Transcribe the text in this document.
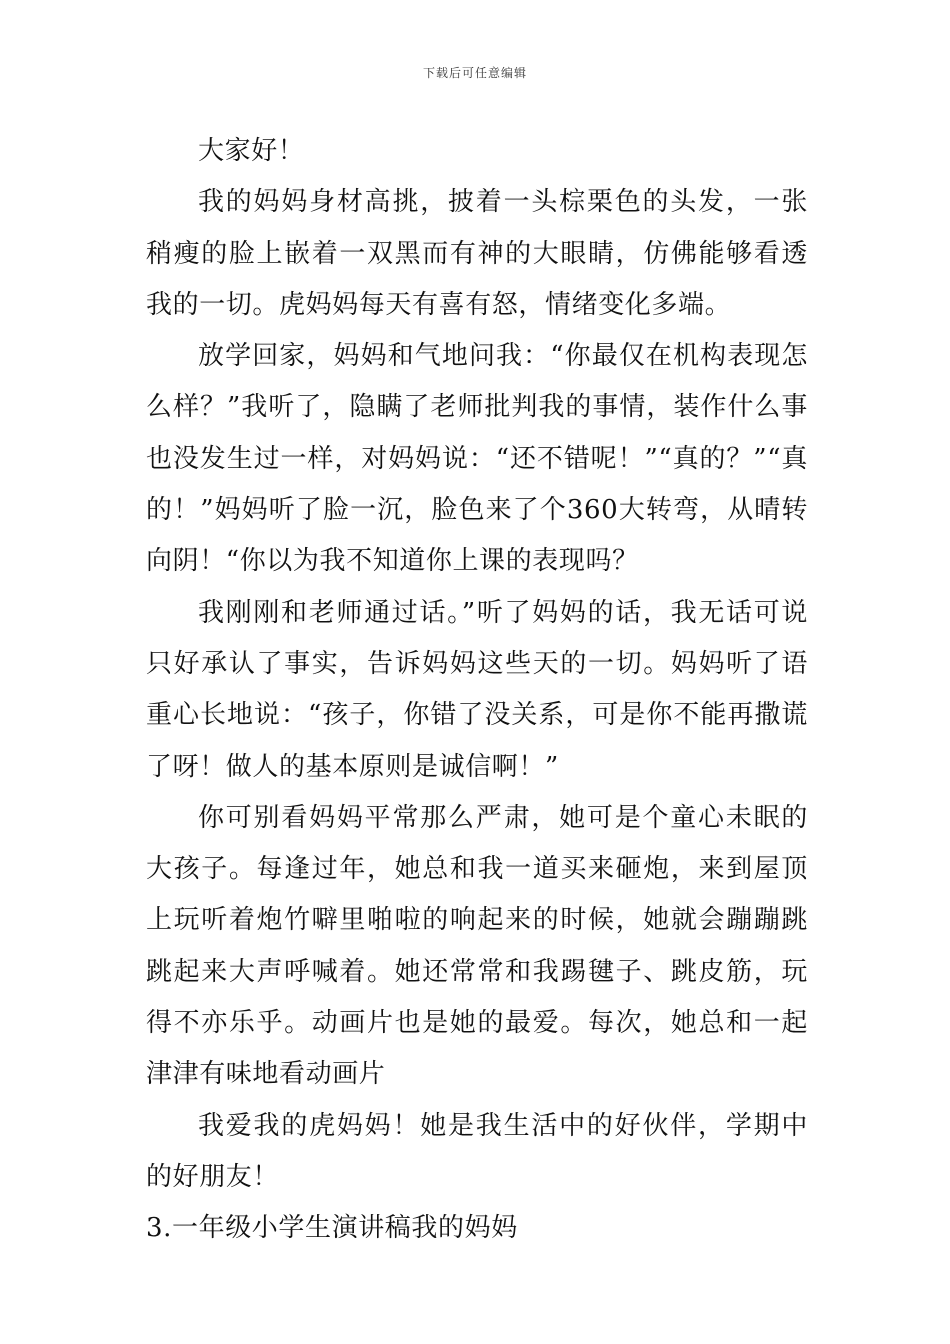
下载后可任意编辑

大家好！

我的妈妈身材高挑，披着一头棕栗色的头发，一张稍瘦的脸上嵌着一双黑而有神的大眼睛，仿佛能够看透我的一切。虎妈妈每天有喜有怒，情绪变化多端。

放学回家，妈妈和气地问我：“你最仅在机构表现怎么样？”我听了，隐瞒了老师批判我的事情，装作什么事也没发生过一样，对妈妈说：“还不错呢！”“真的？”“真的！”妈妈听了脸一沉，脸色来了个360大转弯，从晴转向阴！“你以为我不知道你上课的表现吗？

我刚刚和老师通过话。”听了妈妈的话，我无话可说只好承认了事实，告诉妈妈这些天的一切。妈妈听了语重心长地说：“孩子，你错了没关系，可是你不能再撒谎了呀！做人的基本原则是诚信啊！”

你可别看妈妈平常那么严肃，她可是个童心未眠的大孩子。每逢过年，她总和我一道买来砸炮，来到屋顶上玩听着炮竹噼里啪啦的响起来的时候，她就会蹦蹦跳跳起来大声呼喊着。她还常常和我踢毽子、跳皮筋，玩得不亦乐乎。动画片也是她的最爱。每次，她总和一起津津有味地看动画片

我爱我的虎妈妈！她是我生活中的好伙伴，学期中的好朋友！

3.一年级小学生演讲稿我的妈妈
